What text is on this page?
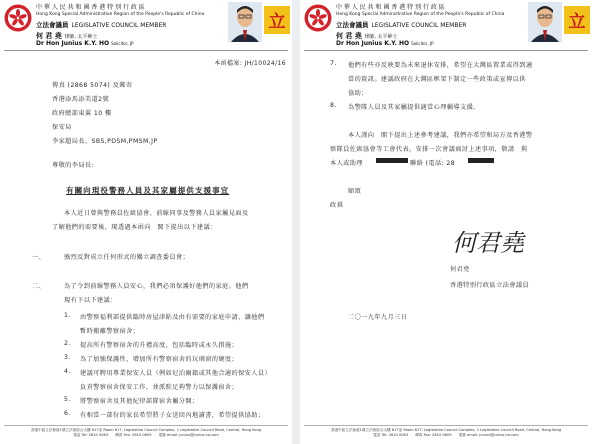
中 華 人 民 共 和 國 香 港 特 別 行 政 區
Hong Kong Special Administrative Region of the People's Republic of China
立法會議員 LEGISLATIVE COUNCIL MEMBER
何 君 堯 律師, 太平紳士
Dr Hon Junius K.Y. HO Solicitor, JP
立
本函檔案: JH/10024/16
傳真 (2868 5074) 及郵寄
香港添馬添美道2號
政府總部東翼 10 樓
保安局
李家超局長、SBS,PDSM,PMSM,JP
尊敬的李局長:
有關向現役警務人員及其家屬提供支援事宜
本人近日曾與警務員佐級協會、前線同事及警務人員家屬見面及
了解他們的需要後，現透過本函向　閣下提出以下建議：
一、	強烈反對成立任何形式的獨立調查委員會；
二、	為了令到前線警務人員安心，我們必須保護好他們的家庭。他們
現有下以下建議：
1. 由警察福利部提供臨時房屋津貼及由有需要的家庭申請，讓他們
暫時搬離警察宿舍；
2. 提高所有警察宿舍的升禮高度，包括臨時或永久措施；
3. 為了加強保護性，增加所有警察宿舍的玩璃窗的硬度；
4. 建議可聘用專業保安人員（例如尼泊爾籍或其他合適的保安人員）
負責警察宿舍保安工作，並派駐足夠警力以保護宿舍；
5. 將警察宿舍及其他紀律部隊宿舍屬分開；
6. 有相當一部份的家長希望將子女送回內地讀書，希望提供協助；
香港中區立法會道1號立法會綜合大樓 617室 Room 617, Legislative Council Complex, 1 Legislative Council Road, Central, Hong Kong
電話 Tel: 2810 0063　　傳真 Fax: 2810 0609　　電郵 email: junius@junius-ho.com
中 華 人 民 共 和 國 香 港 特 別 行 政 區
Hong Kong Special Administrative Region of the People's Republic of China
立法會議員 LEGISLATIVE COUNCIL MEMBER
何 君 堯 律師, 太平紳士
Dr Hon Junius K.Y. HO Solicitor, JP
立
7. 他們有些亦反映要為未來退休安排，希望在大灣區置業或得到適
當的資訊。建議政府在大灣區框架下制定一些政策或宣傳以供
協助；
8. 為警隊人員及其家屬提供適當心理輔導支援。
本人謹向　閣下提出上述參考建議，我們亦希望和局方及香港警
察隊員佐級協會等工會代表，安排一次會議商討上述事項，敬請　與
本人或助理	聯絡 (電話: 28
順頌
政祺
何君堯
何君堯
香港特別行政區立法會議員
二〇一九年九月三日
香港中區立法會道1號立法會綜合大樓 617室 Room 617, Legislative Council Complex, 1 Legislative Council Road, Central, Hong Kong
電話 Tel: 2810 0063　　傳真 Fax: 2810 0609　　電郵 email: junius@junius-ho.com
